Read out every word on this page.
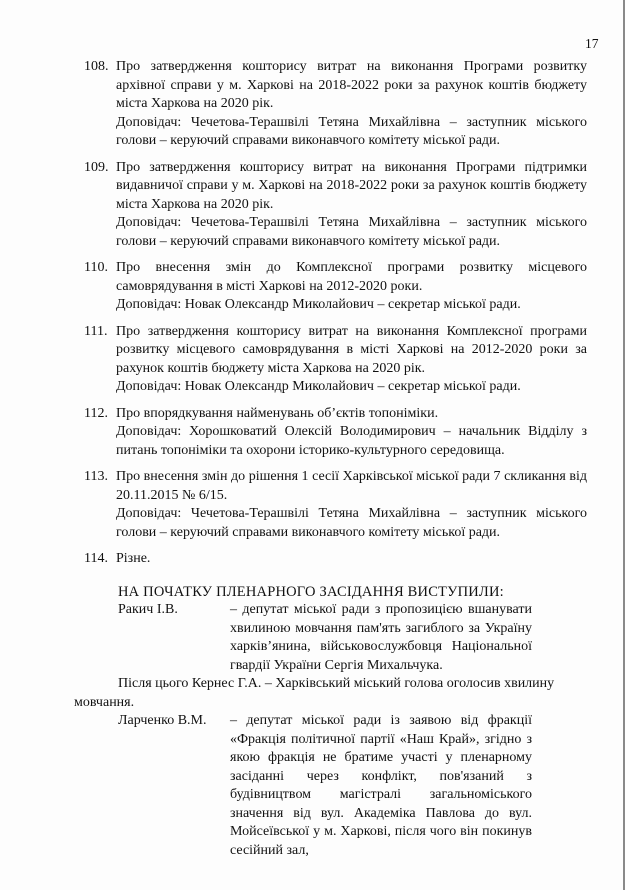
17
108. Про затвердження кошторису витрат на виконання Програми розвитку архівної справи у м. Харкові на 2018-2022 роки за рахунок коштів бюджету міста Харкова на 2020 рік.

Доповідач: Чечетова-Терашвілі Тетяна Михайлівна – заступник міського голови – керуючий справами виконавчого комітету міської ради.

109. Про затвердження кошторису витрат на виконання Програми підтримки видавничої справи у м. Харкові на 2018-2022 роки за рахунок коштів бюджету міста Харкова на 2020 рік.

Доповідач: Чечетова-Терашвілі Тетяна Михайлівна – заступник міського голови – керуючий справами виконавчого комітету міської ради.

110. Про внесення змін до Комплексної програми розвитку місцевого самоврядування в місті Харкові на 2012-2020 роки.

Доповідач: Новак Олександр Миколайович – секретар міської ради.

111. Про затвердження кошторису витрат на виконання Комплексної програми розвитку місцевого самоврядування в місті Харкові на 2012-2020 роки за рахунок коштів бюджету міста Харкова на 2020 рік.

Доповідач: Новак Олександр Миколайович – секретар міської ради.

112. Про впорядкування найменувань об’єктів топоніміки.

Доповідач: Хорошковатий Олексій Володимирович – начальник Відділу з питань топоніміки та охорони історико-культурного середовища.

113. Про внесення змін до рішення 1 сесії Харківської міської ради 7 скликання від 20.11.2015 № 6/15.

Доповідач: Чечетова-Терашвілі Тетяна Михайлівна – заступник міського голови – керуючий справами виконавчого комітету міської ради.

114. Різне.

НА ПОЧАТКУ ПЛЕНАРНОГО ЗАСІДАННЯ ВИСТУПИЛИ:
Ракич І.В.	– депутат міської ради з пропозицією вшанувати хвилиною мовчання пам'ять загиблого за Україну харків’янина, військовослужбовця Національної гвардії України Сергія Михальчука.

Після цього Кернес Г.А. – Харківський міський голова оголосив хвилину

мовчання.

Ларченко В.М.	– депутат міської ради із заявою від фракції «Фракція політичної партії «Наш Край», згідно з якою фракція не братиме участі у пленарному засіданні через конфлікт, пов'язаний з будівництвом магістралі загальноміського значення від вул. Академіка Павлова до вул. Мойсеївської у м. Харкові, після чого він покинув сесійний зал,
